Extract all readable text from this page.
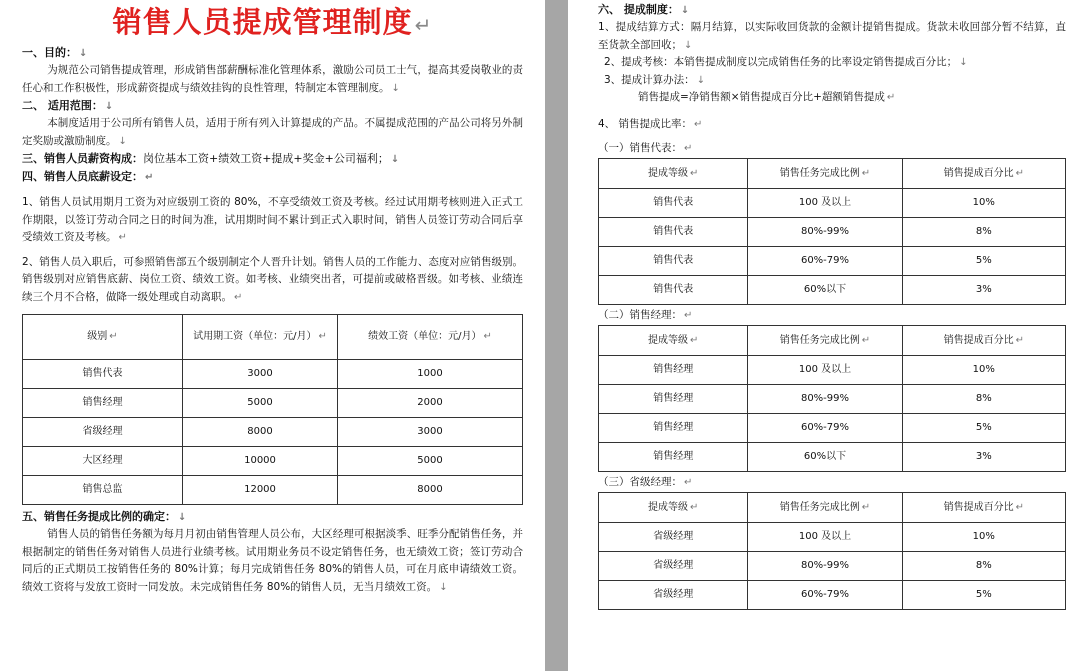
销售人员提成管理制度 ↵
一、目的： ↓
为规范公司销售提成管理，形成销售部薪酬标准化管理体系，激励公司员工士气，提高其爱岗敬业的责任心和工作积极性，形成薪资提成与绩效挂钩的良性管理，特制定本管理制度。 ↓
二、 适用范围： ↓
本制度适用于公司所有销售人员，适用于所有列入计算提成的产品。不属提成范围的产品公司将另外制定奖励或激励制度。 ↓
三、销售人员薪资构成：岗位基本工资+绩效工资+提成+奖金+公司福利； ↓
四、销售人员底薪设定： ↵
1、销售人员试用期月工资为对应级别工资的 80%，不享受绩效工资及考核。经过试用期考核则进入正式工作期限，以签订劳动合同之日的时间为准，试用期时间不累计到正式入职时间，销售人员签订劳动合同后享受绩效工资及考核。 ↵
2、销售人员入职后，可参照销售部五个级别制定个人晋升计划。销售人员的工作能力、态度对应销售级别。销售级别对应销售底薪、岗位工资、绩效工资。如考核、业绩突出者，可提前或破格晋级。如考核、业绩连续三个月不合格，做降一级处理或自动离职。 ↵
级别 ↵	试用期工资（单位：元/月） ↵	绩效工资（单位：元/月） ↵
销售代表	3000	1000
销售经理	5000	2000
省级经理	8000	3000
大区经理	10000	5000
销售总监	12000	8000
五、销售任务提成比例的确定： ↓
销售人员的销售任务额为每月月初由销售管理人员公布，大区经理可根据淡季、旺季分配销售任务，并根据制定的销售任务对销售人员进行业绩考核。试用期业务员不设定销售任务，也无绩效工资；签订劳动合同后的正式期员工按销售任务的 80%计算；每月完成销售任务 80%的销售人员，可在月底申请绩效工资。绩效工资将与发放工资时一同发放。未完成销售任务 80%的销售人员，无当月绩效工资。 ↓
六、 提成制度： ↓
1、提成结算方式：隔月结算，以实际收回货款的金额计提销售提成。货款未收回部分暂不结算，直至货款全部回收； ↓
2、提成考核：本销售提成制度以完成销售任务的比率设定销售提成百分比； ↓
3、提成计算办法： ↓
销售提成=净销售额×销售提成百分比+超额销售提成 ↵
4、 销售提成比率： ↵
（一）销售代表： ↵
提成等级 ↵	销售任务完成比例 ↵	销售提成百分比 ↵
销售代表	100 及以上	10%
销售代表	80%-99%	8%
销售代表	60%-79%	5%
销售代表	60%以下	3%
（二）销售经理： ↵
提成等级 ↵	销售任务完成比例 ↵	销售提成百分比 ↵
销售经理	100 及以上	10%
销售经理	80%-99%	8%
销售经理	60%-79%	5%
销售经理	60%以下	3%
（三）省级经理： ↵
提成等级 ↵	销售任务完成比例 ↵	销售提成百分比 ↵
省级经理	100 及以上	10%
省级经理	80%-99%	8%
省级经理	60%-79%	5%
